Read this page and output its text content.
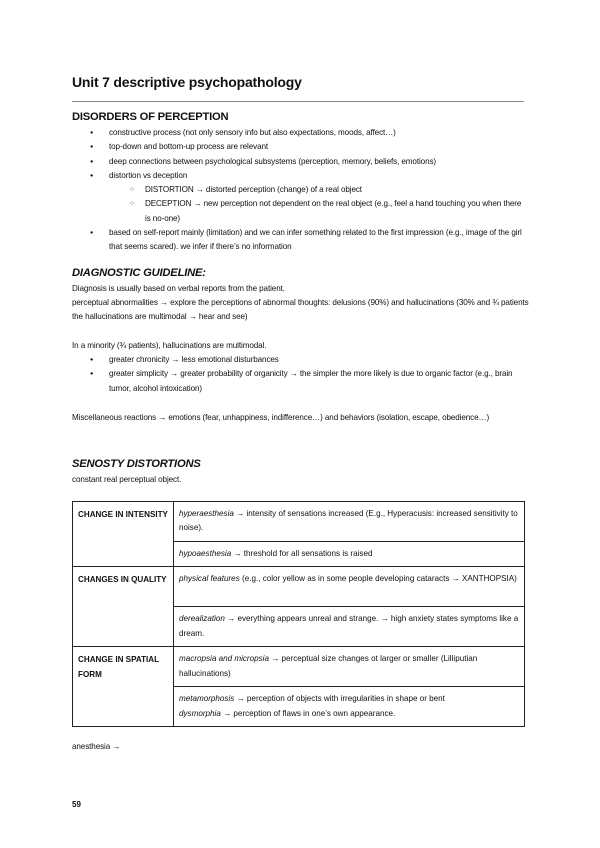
Unit 7 descriptive psychopathology
DISORDERS OF PERCEPTION
● constructive process (not only sensory info but also expectations, moods, affect…)
● top-down and bottom-up process are relevant
● deep connections between psychological subsystems (perception, memory, beliefs, emotions)
● distortion vs deception
○ DISTORTION → distorted perception (change) of a real object
○ DECEPTION → new perception not dependent on the real object (e.g., feel a hand touching you when there is no-one)
● based on self-report mainly (limitation) and we can infer something related to the first impression (e.g., image of the girl that seems scared). we infer if there’s no information
DIAGNOSTIC GUIDELINE:
Diagnosis is usually based on verbal reports from the patient.
perceptual abnormalities → explore the perceptions of abnormal thoughts: delusions (90%) and hallucinations (30% and ¾ patients the hallucinations are multimodal → hear and see)
In a minority (¾ patients), hallucinations are multimodal.
● greater chronicity → less emotional disturbances
● greater simplicity → greater probability of organicity → the simpler the more likely is due to organic factor (e.g., brain tumor, alcohol intoxication)
Miscellaneous reactions → emotions (fear, unhappiness, indifference…) and behaviors (isolation, escape, obedience…)
SENOSTY DISTORTIONS
constant real perceptual object.
CHANGE IN INTENSITY	hyperaesthesia → intensity of sensations increased (E.g., Hyperacusis: increased sensitivity to noise).
	hypoaesthesia → threshold for all sensations is raised
CHANGES IN QUALITY	physical features (e.g., color yellow as in some people developing cataracts → XANTHOPSIA)
	derealization → everything appears unreal and strange. → high anxiety states symptoms like a dream.
CHANGE IN SPATIAL FORM	macropsia and micropsia → perceptual size changes ot larger or smaller (Lilliputian hallucinations)
	metamorphosis → perception of objects with irregularities in shape or bent
dysmorphia → perception of flaws in one’s own appearance.
anesthesia →
59
